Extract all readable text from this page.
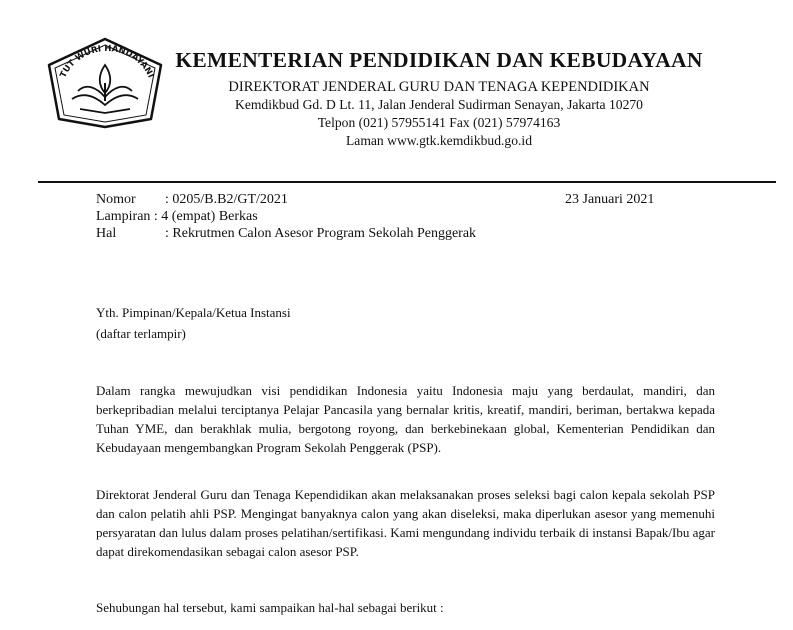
TUT WURI HANDAYANI
KEMENTERIAN PENDIDIKAN DAN KEBUDAYAAN
DIREKTORAT JENDERAL GURU DAN TENAGA KEPENDIDIKAN
Kemdikbud Gd. D Lt. 11, Jalan Jenderal Sudirman Senayan, Jakarta 10270
Telpon (021) 57955141 Fax (021) 57974163
Laman www.gtk.kemdikbud.go.id
Nomor : 0205/B.B2/GT/2021
Lampiran : 4 (empat) Berkas
Hal	: Rekrutmen Calon Asesor Program Sekolah Penggerak
23 Januari 2021
Yth. Pimpinan/Kepala/Ketua Instansi
(daftar terlampir)
Dalam rangka mewujudkan visi pendidikan Indonesia yaitu Indonesia maju yang berdaulat, mandiri, dan berkepribadian melalui terciptanya Pelajar Pancasila yang bernalar kritis, kreatif, mandiri, beriman, bertakwa kepada Tuhan YME, dan berakhlak mulia, bergotong royong, dan berkebinekaan global, Kementerian Pendidikan dan Kebudayaan mengembangkan Program Sekolah Penggerak (PSP).
Direktorat Jenderal Guru dan Tenaga Kependidikan akan melaksanakan proses seleksi bagi calon kepala sekolah PSP dan calon pelatih ahli PSP. Mengingat banyaknya calon yang akan diseleksi, maka diperlukan asesor yang memenuhi persyaratan dan lulus dalam proses pelatihan/sertifikasi. Kami mengundang individu terbaik di instansi Bapak/Ibu agar dapat direkomendasikan sebagai calon asesor PSP.
Sehubungan hal tersebut, kami sampaikan hal-hal sebagai berikut :
